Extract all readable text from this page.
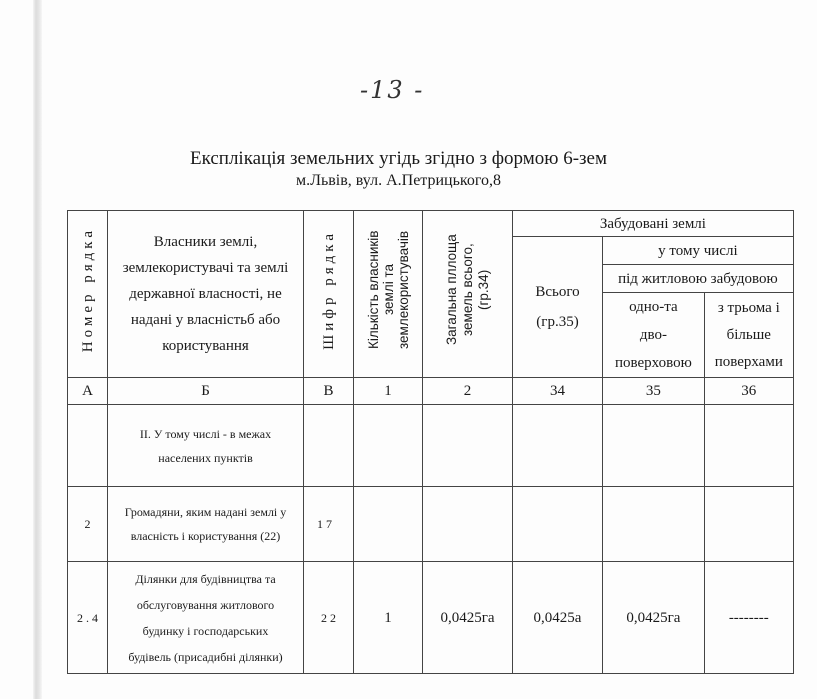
-13 -
Експлікація земельних угідь згідно з формою 6-зем
м.Львів, вул. А.Петрицького,8
Номер рядка	Власники землі, землекористувачі та землі державної власності, не надані у власністьб або користування	Шифр рядка	Кількість власників землі та землекористувачів	Загальна пллоща земель всього, (гр.34)	Забудовані землі		
					Всього (гр.35)	у тому числі	
						під житловою забудовою	
						одно-та дво-поверховою	з трьома і більше поверхами
А	Б	В	1	2	34	35	36
	ІІ. У тому числі - в межах населених пунктів						
2	Громадяни, яким надані землі у власність і користування (22)	1 7					
2 . 4	Ділянки для будівництва та обслуговування житлового будинку і господарських будівель (присадибні ділянки)	2 2	1	0,0425га	0,0425а	0,0425га	--------
